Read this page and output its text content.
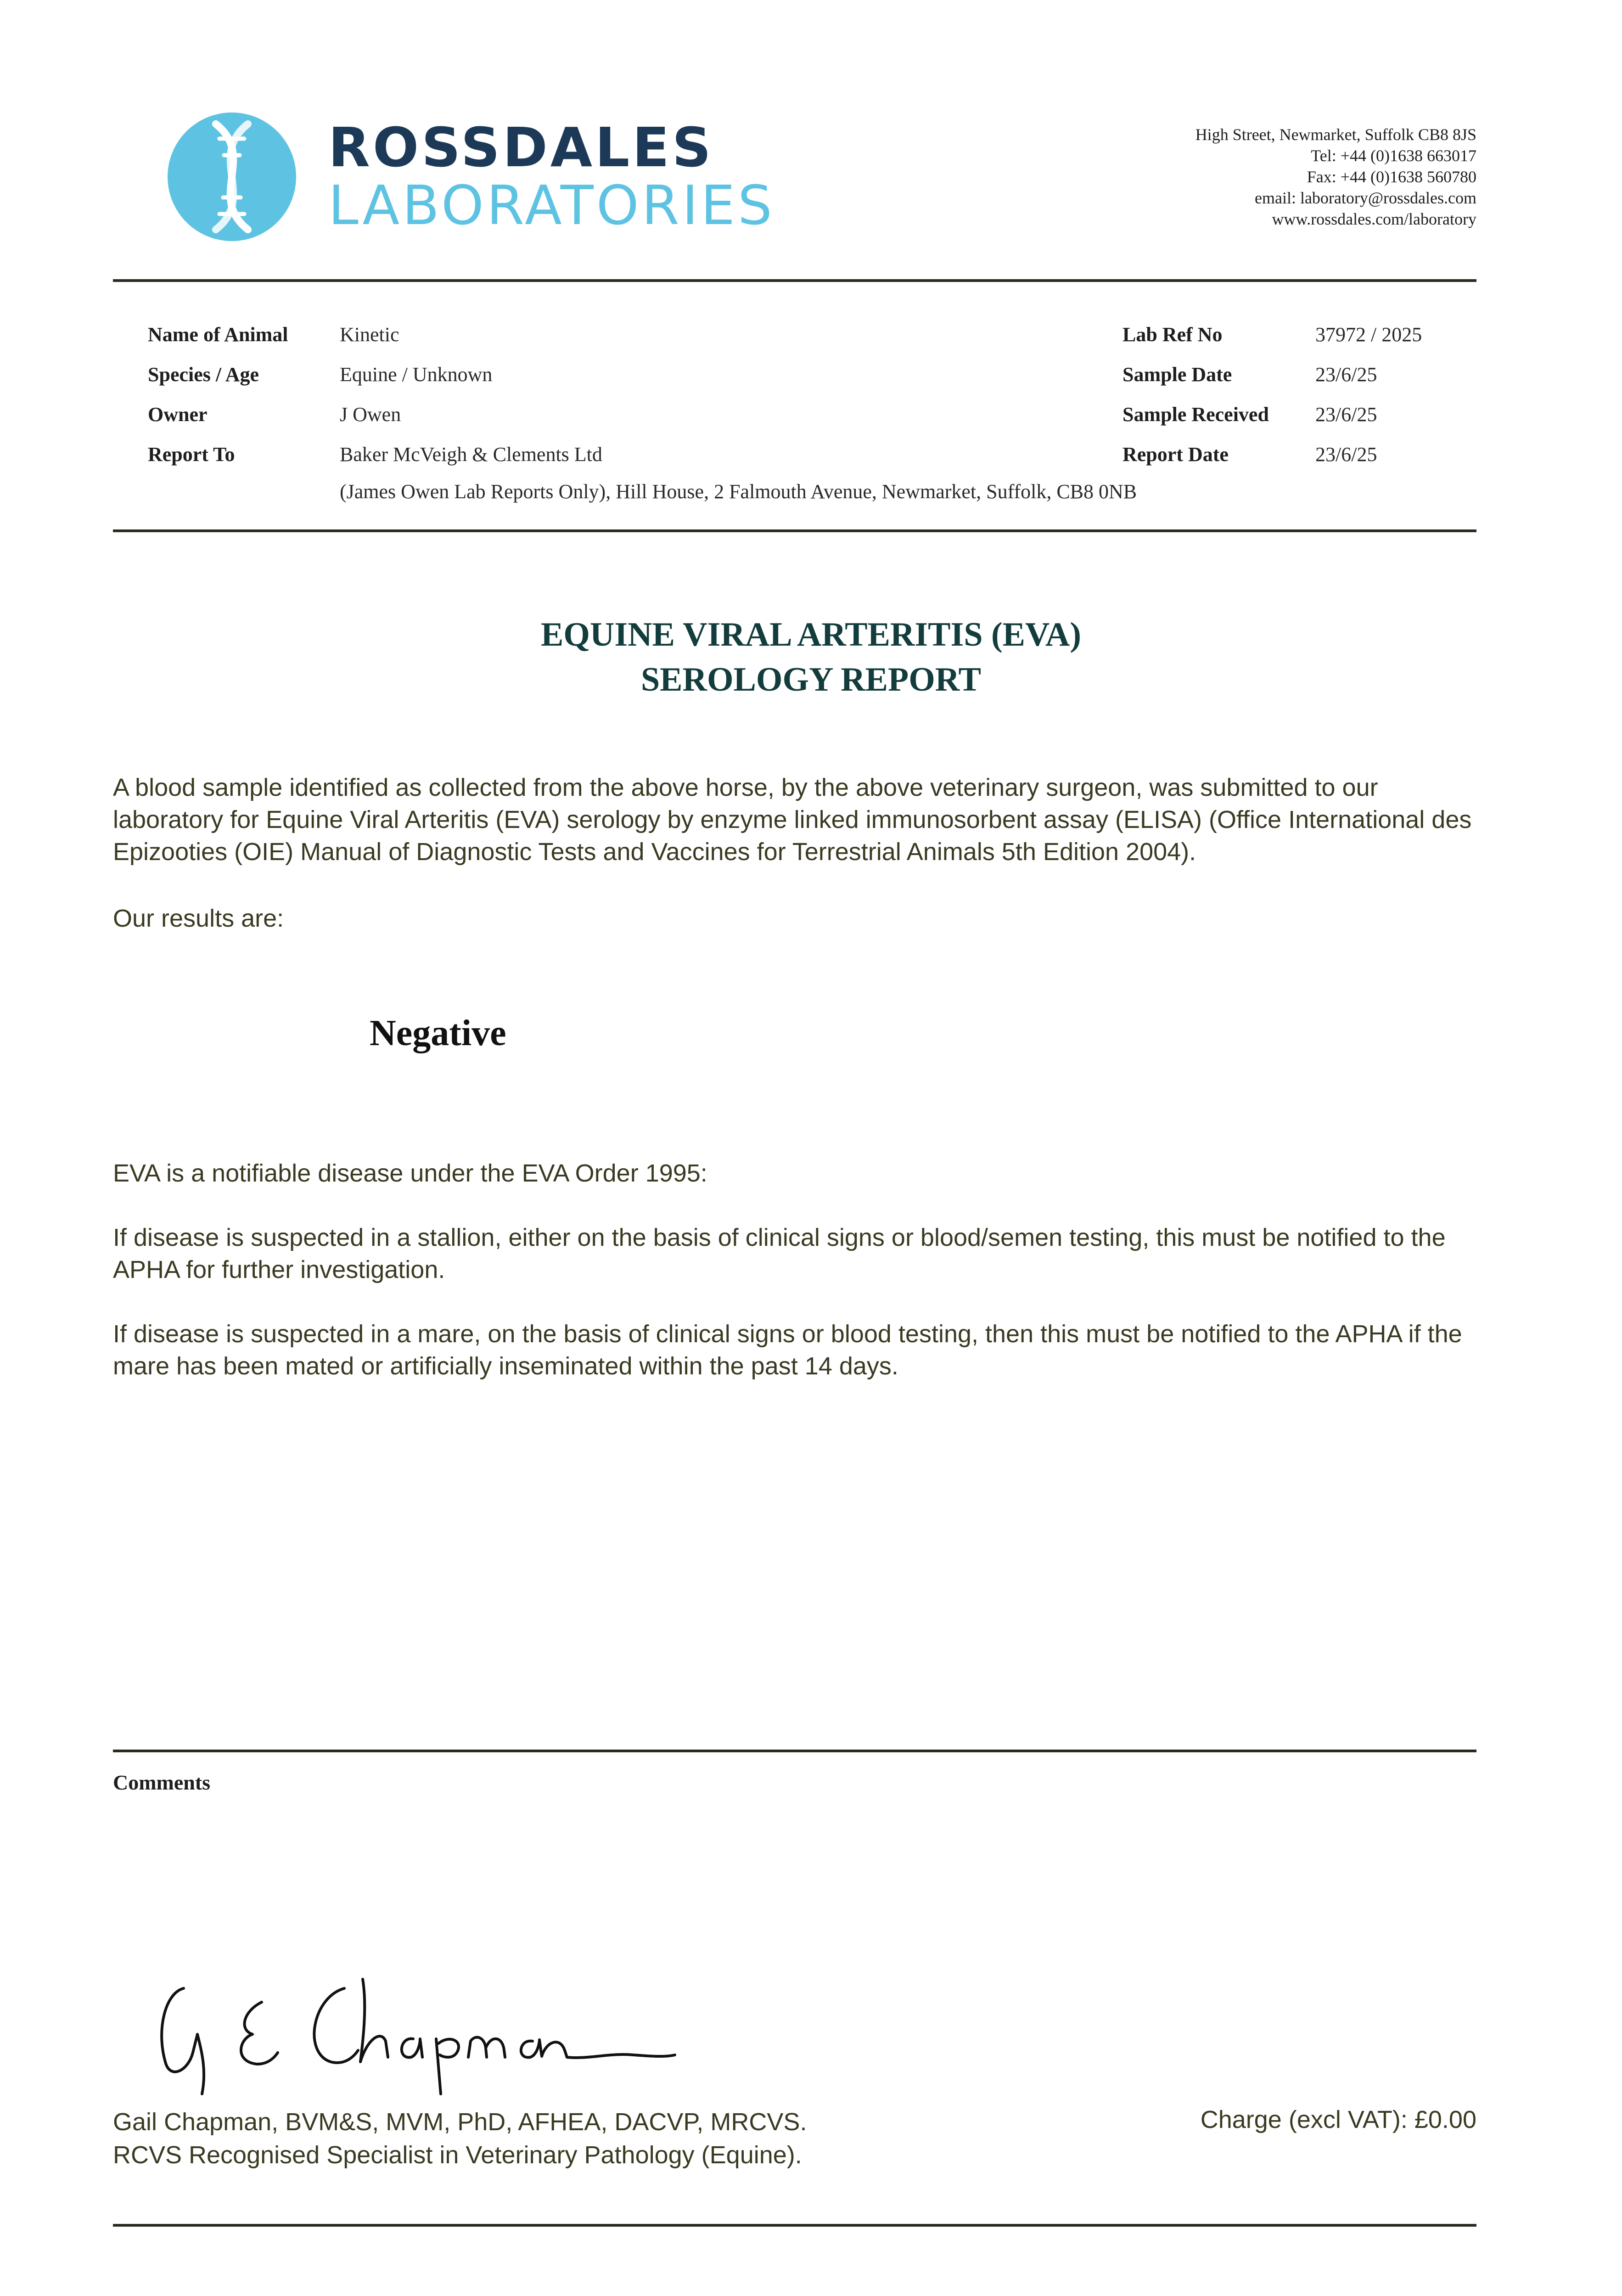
ROSSDALES
LABORATORIES
High Street, Newmarket, Suffolk CB8 8JS
Tel: +44 (0)1638 663017
Fax: +44 (0)1638 560780
email: laboratory@rossdales.com
www.rossdales.com/laboratory
Name of Animal	Kinetic
Species / Age	Equine / Unknown
Owner	J Owen
Report To	Baker McVeigh & Clements Ltd
(James Owen Lab Reports Only), Hill House, 2 Falmouth Avenue, Newmarket, Suffolk, CB8 0NB
Lab Ref No	37972 / 2025
Sample Date	23/6/25
Sample Received 23/6/25
Report Date	23/6/25
EQUINE VIRAL ARTERITIS (EVA)
SEROLOGY REPORT
A blood sample identified as collected from the above horse, by the above veterinary surgeon, was submitted to our laboratory for Equine Viral Arteritis (EVA) serology by enzyme linked immunosorbent assay (ELISA) (Office International des Epizooties (OIE) Manual of Diagnostic Tests and Vaccines for Terrestrial Animals 5th Edition 2004).
Our results are:
Negative
EVA is a notifiable disease under the EVA Order 1995:
If disease is suspected in a stallion, either on the basis of clinical signs or blood/semen testing, this must be notified to the APHA for further investigation.
If disease is suspected in a mare, on the basis of clinical signs or blood testing, then this must be notified to the APHA if the mare has been mated or artificially inseminated within the past 14 days.
Comments
Gail Chapman, BVM&S, MVM, PhD, AFHEA, DACVP, MRCVS.
RCVS Recognised Specialist in Veterinary Pathology (Equine).
Charge (excl VAT): £0.00
